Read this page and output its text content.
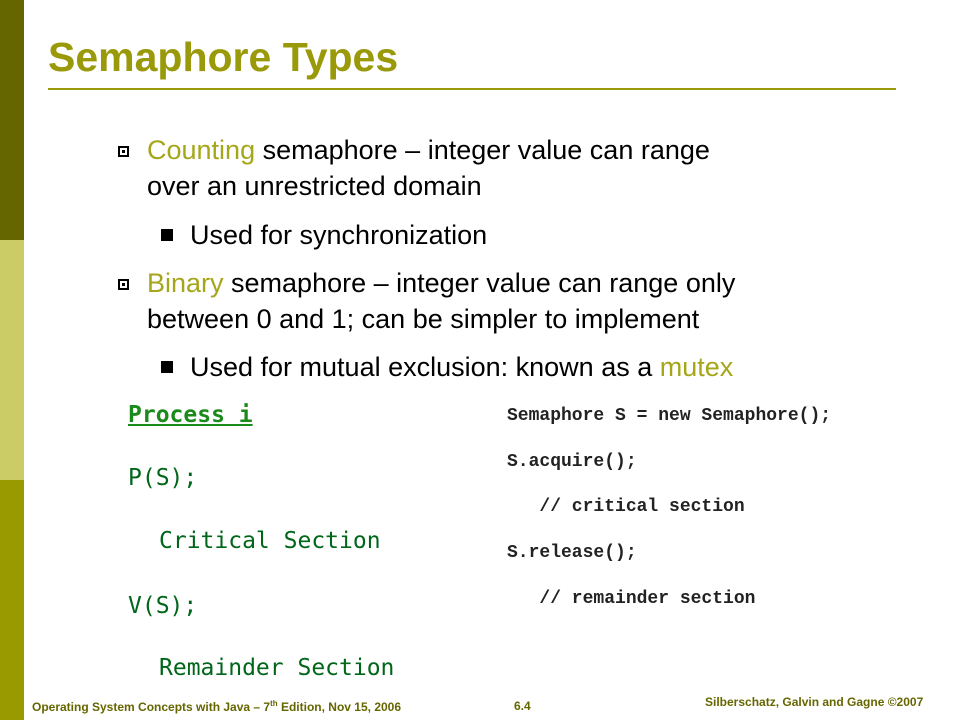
Semaphore Types
Counting semaphore – integer value can range
over an unrestricted domain
Used for synchronization
Binary semaphore – integer value can range only
between 0 and 1; can be simpler to implement
Used for mutual exclusion: known as a mutex
Process i
P(S);
Critical Section
V(S);
Remainder Section
Semaphore S = new Semaphore();
S.acquire();
// critical section
S.release();
// remainder section
Operating System Concepts with Java – 7th Edition, Nov 15, 2006	6.4	Silberschatz, Galvin and Gagne ©2007
